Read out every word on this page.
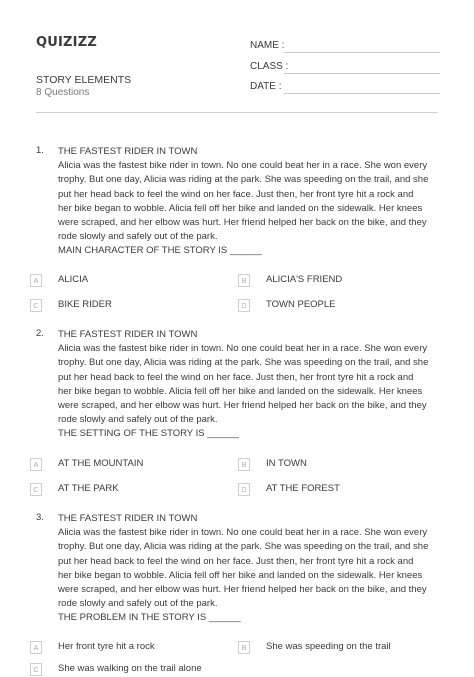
QUIZIZZ
STORY ELEMENTS
8 Questions
NAME :
CLASS :
DATE :
1. THE FASTEST RIDER IN TOWN
Alicia was the fastest bike rider in town. No one could beat her in a race. She won every
trophy. But one day, Alicia was riding at the park. She was speeding on the trail, and she
put her head back to feel the wind on her face. Just then, her front tyre hit a rock and
her bike began to wobble. Alicia fell off her bike and landed on the sidewalk. Her knees
were scraped, and her elbow was hurt. Her friend helped her back on the bike, and they
rode slowly and safely out of the park.
MAIN CHARACTER OF THE STORY IS ______
A	ALICIA	B	ALICIA'S FRIEND
C	BIKE RIDER	D	TOWN PEOPLE
2. THE FASTEST RIDER IN TOWN
Alicia was the fastest bike rider in town. No one could beat her in a race. She won every
trophy. But one day, Alicia was riding at the park. She was speeding on the trail, and she
put her head back to feel the wind on her face. Just then, her front tyre hit a rock and
her bike began to wobble. Alicia fell off her bike and landed on the sidewalk. Her knees
were scraped, and her elbow was hurt. Her friend helped her back on the bike, and they
rode slowly and safely out of the park.
THE SETTING OF THE STORY IS ______
A	AT THE MOUNTAIN	B	IN TOWN
C	AT THE PARK	D	AT THE FOREST
3. THE FASTEST RIDER IN TOWN
Alicia was the fastest bike rider in town. No one could beat her in a race. She won every
trophy. But one day, Alicia was riding at the park. She was speeding on the trail, and she
put her head back to feel the wind on her face. Just then, her front tyre hit a rock and
her bike began to wobble. Alicia fell off her bike and landed on the sidewalk. Her knees
were scraped, and her elbow was hurt. Her friend helped her back on the bike, and they
rode slowly and safely out of the park.
THE PROBLEM IN THE STORY IS ______
A	Her front tyre hit a rock	B	She was speeding on the trail
C	She was walking on the trail alone
